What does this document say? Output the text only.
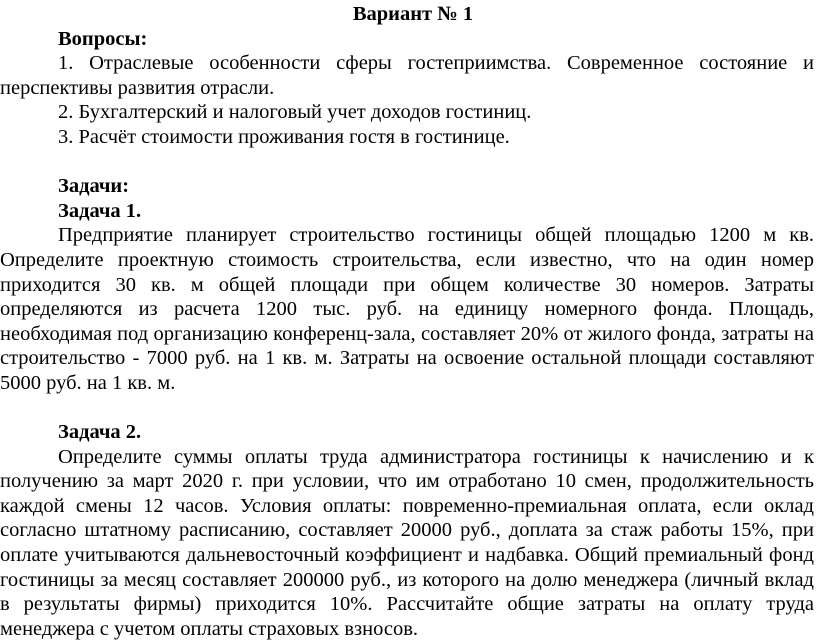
Вариант № 1

Вопросы:

1. Отраслевые особенности сферы гостеприимства. Современное состояние и перспективы развития отрасли.

2. Бухгалтерский и налоговый учет доходов гостиниц.

3. Расчёт стоимости проживания гостя в гостинице.

Задачи:

Задача 1.

Предприятие планирует строительство гостиницы общей площадью 1200 м кв. Определите проектную стоимость строительства, если известно, что на один номер приходится 30 кв. м общей площади при общем количестве 30 номеров. Затраты определяются из расчета 1200 тыс. руб. на единицу номерного фонда. Площадь, необходимая под организацию конференц-зала, составляет 20% от жилого фонда, затраты на строительство - 7000 руб. на 1 кв. м. Затраты на освоение остальной площади составляют 5000 руб. на 1 кв. м.

Задача 2.

Определите суммы оплаты труда администратора гостиницы к начислению и к получению за март 2020 г. при условии, что им отработано 10 смен, продолжительность каждой смены 12 часов. Условия оплаты: повременно-премиальная оплата, если оклад согласно штатному расписанию, составляет 20000 руб., доплата за стаж работы 15%, при оплате учитываются дальневосточный коэффициент и надбавка. Общий премиальный фонд гостиницы за месяц составляет 200000 руб., из которого на долю менеджера (личный вклад в результаты фирмы) приходится 10%. Рассчитайте общие затраты на оплату труда менеджера с учетом оплаты страховых взносов.
